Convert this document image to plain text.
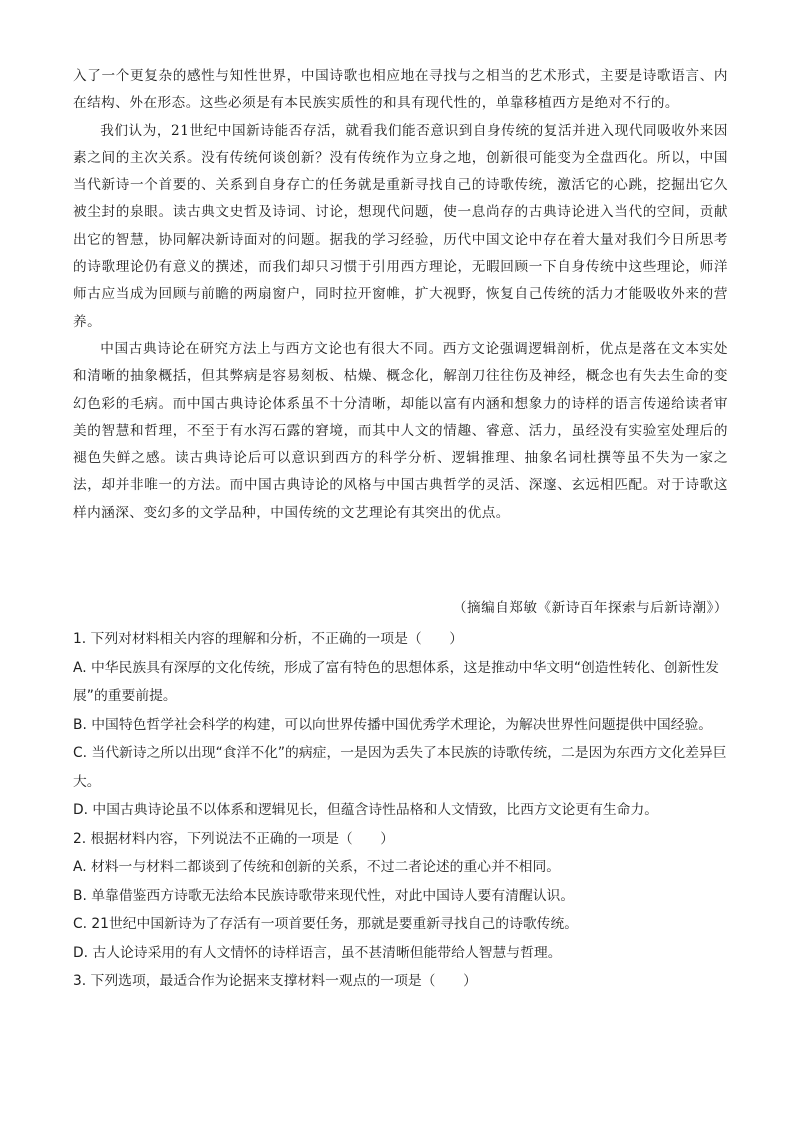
入了一个更复杂的感性与知性世界，中国诗歌也相应地在寻找与之相当的艺术形式，主要是诗歌语言、内在结构、外在形态。这些必须是有本民族实质性的和具有现代性的，单靠移植西方是绝对不行的。

我们认为，21世纪中国新诗能否存活，就看我们能否意识到自身传统的复活并进入现代同吸收外来因素之间的主次关系。没有传统何谈创新？没有传统作为立身之地，创新很可能变为全盘西化。所以，中国当代新诗一个首要的、关系到自身存亡的任务就是重新寻找自己的诗歌传统，激活它的心跳，挖掘出它久被尘封的泉眼。读古典文史哲及诗词、讨论，想现代问题，使一息尚存的古典诗论进入当代的空间，贡献出它的智慧，协同解决新诗面对的问题。据我的学习经验，历代中国文论中存在着大量对我们今日所思考的诗歌理论仍有意义的撰述，而我们却只习惯于引用西方理论，无暇回顾一下自身传统中这些理论，师洋师古应当成为回顾与前瞻的两扇窗户，同时拉开窗帷，扩大视野，恢复自己传统的活力才能吸收外来的营养。

中国古典诗论在研究方法上与西方文论也有很大不同。西方文论强调逻辑剖析，优点是落在文本实处和清晰的抽象概括，但其弊病是容易刻板、枯燥、概念化，解剖刀往往伤及神经，概念也有失去生命的变幻色彩的毛病。而中国古典诗论体系虽不十分清晰，却能以富有内涵和想象力的诗样的语言传递给读者审美的智慧和哲理，不至于有水泻石露的窘境，而其中人文的情趣、睿意、活力，虽经没有实验室处理后的褪色失鲜之感。读古典诗论后可以意识到西方的科学分析、逻辑推理、抽象名词杜撰等虽不失为一家之法，却并非唯一的方法。而中国古典诗论的风格与中国古典哲学的灵活、深邃、玄远相匹配。对于诗歌这样内涵深、变幻多的文学品种，中国传统的文艺理论有其突出的优点。

（摘编自郑敏《新诗百年探索与后新诗潮》）

1. 下列对材料相关内容的理解和分析，不正确的一项是（　　）

A. 中华民族具有深厚的文化传统，形成了富有特色的思想体系，这是推动中华文明“创造性转化、创新性发展”的重要前提。

B. 中国特色哲学社会科学的构建，可以向世界传播中国优秀学术理论，为解决世界性问题提供中国经验。

C. 当代新诗之所以出现“食洋不化”的病症，一是因为丢失了本民族的诗歌传统，二是因为东西方文化差异巨大。

D. 中国古典诗论虽不以体系和逻辑见长，但蕴含诗性品格和人文情致，比西方文论更有生命力。

2. 根据材料内容，下列说法不正确的一项是（　　）

A. 材料一与材料二都谈到了传统和创新的关系，不过二者论述的重心并不相同。

B. 单靠借鉴西方诗歌无法给本民族诗歌带来现代性，对此中国诗人要有清醒认识。

C. 21世纪中国新诗为了存活有一项首要任务，那就是要重新寻找自己的诗歌传统。

D. 古人论诗采用的有人文情怀的诗样语言，虽不甚清晰但能带给人智慧与哲理。

3. 下列选项，最适合作为论据来支撑材料一观点的一项是（　　）
